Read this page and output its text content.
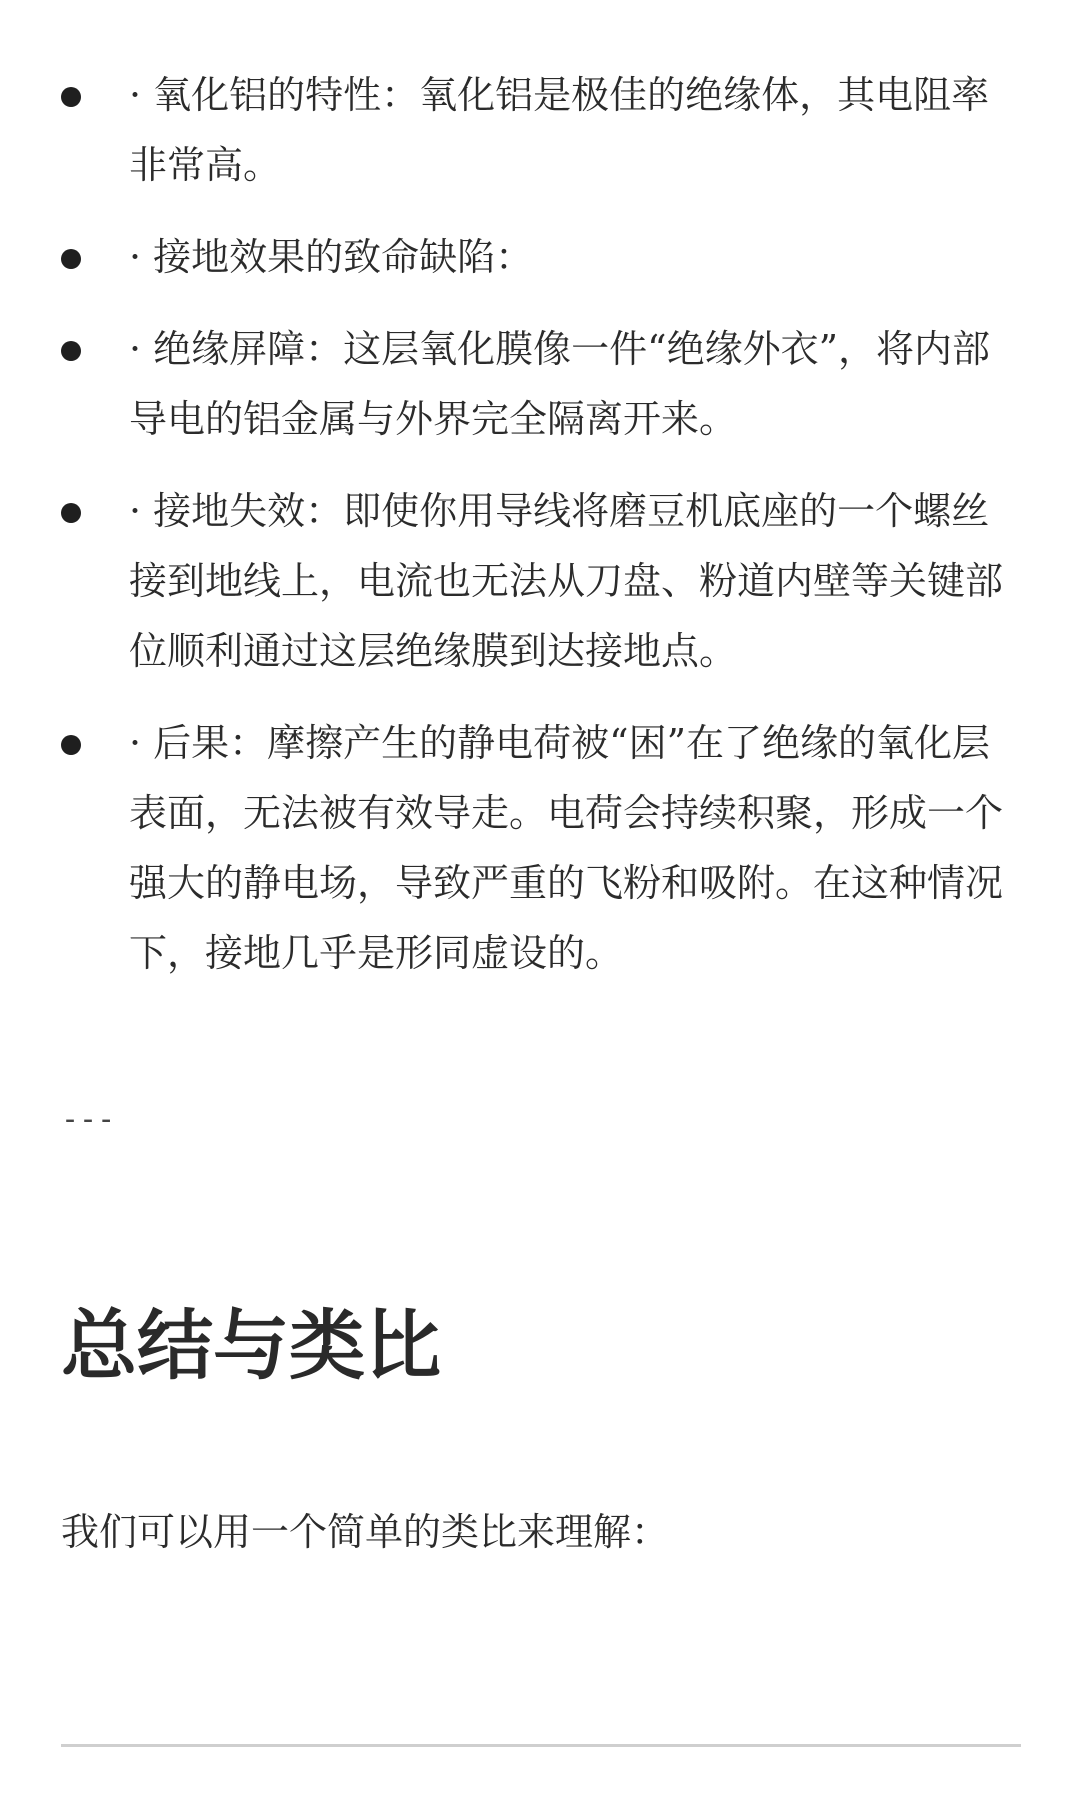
· 氧化铝的特性：氧化铝是极佳的绝缘体，其电阻率非常高。
· 接地效果的致命缺陷：
· 绝缘屏障：这层氧化膜像一件“绝缘外衣”，将内部导电的铝金属与外界完全隔离开来。
· 接地失效：即使你用导线将磨豆机底座的一个螺丝接到地线上，电流也无法从刀盘、粉道内壁等关键部位顺利通过这层绝缘膜到达接地点。
· 后果：摩擦产生的静电荷被“困”在了绝缘的氧化层表面，无法被有效导走。电荷会持续积聚，形成一个强大的静电场，导致严重的飞粉和吸附。在这种情况下，接地几乎是形同虚设的。
---
总结与类比
我们可以用一个简单的类比来理解：
